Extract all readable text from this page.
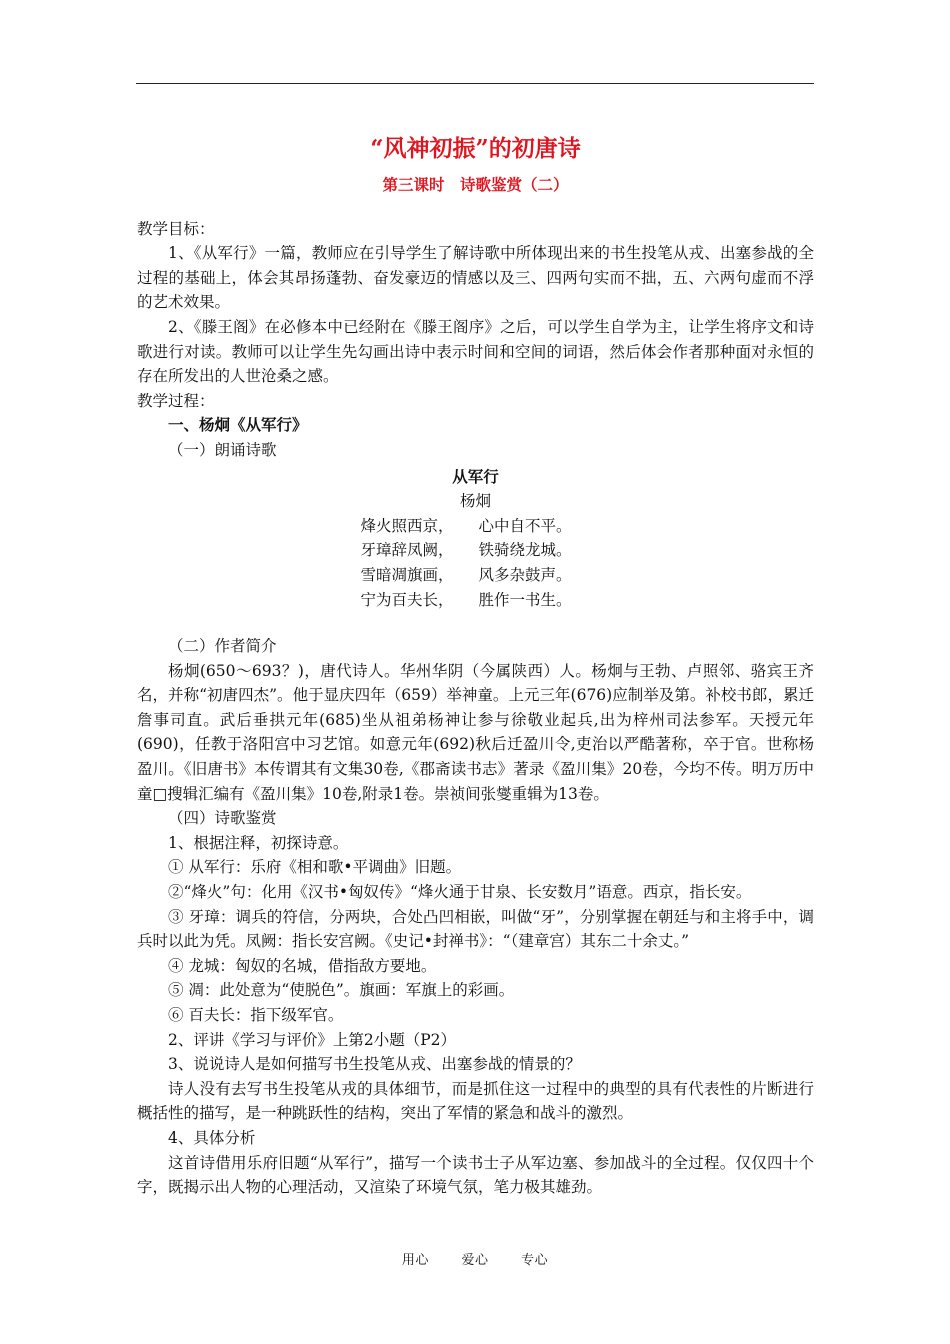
“风神初振”的初唐诗
第三课时　诗歌鉴赏（二）

教学目标：

1、《从军行》一篇，教师应在引导学生了解诗歌中所体现出来的书生投笔从戎、出塞参战的全过程的基础上，体会其昂扬蓬勃、奋发豪迈的情感以及三、四两句实而不拙，五、六两句虚而不浮的艺术效果。

2、《滕王阁》在必修本中已经附在《滕王阁序》之后，可以学生自学为主，让学生将序文和诗歌进行对读。教师可以让学生先勾画出诗中表示时间和空间的词语，然后体会作者那种面对永恒的存在所发出的人世沧桑之感。

教学过程：

一、杨炯《从军行》

（一）朗诵诗歌

从军行
杨炯
烽火照西京，	心中自不平。
牙璋辞凤阙，	铁骑绕龙城。
雪暗凋旗画，	风多杂鼓声。
宁为百夫长，	胜作一书生。

（二）作者简介

杨炯(650～693？)，唐代诗人。华州华阴（今属陕西）人。杨炯与王勃、卢照邻、骆宾王齐名，并称“初唐四杰”。他于显庆四年（659）举神童。上元三年(676)应制举及第。补校书郎，累迁詹事司直。武后垂拱元年(685)坐从祖弟杨神让参与徐敬业起兵,出为梓州司法参军。天授元年(690)，任教于洛阳宫中习艺馆。如意元年(692)秋后迁盈川令,吏治以严酷著称，卒于官。世称杨盈川。《旧唐书》本传谓其有文集30卷,《郡斋读书志》著录《盈川集》20卷，今均不传。明万历中童□搜辑汇编有《盈川集》10卷,附录1卷。崇祯间张燮重辑为13卷。

（四）诗歌鉴赏

1、根据注释，初探诗意。

① 从军行：乐府《相和歌•平调曲》旧题。

②“烽火”句：化用《汉书•匈奴传》“烽火通于甘泉、长安数月”语意。西京，指长安。

③ 牙璋：调兵的符信，分两块，合处凸凹相嵌，叫做“牙”，分别掌握在朝廷与和主将手中，调兵时以此为凭。凤阙：指长安宫阙。《史记•封禅书》：“（建章宫）其东二十余丈。”

④ 龙城：匈奴的名城，借指敌方要地。

⑤ 凋：此处意为“使脱色”。旗画：军旗上的彩画。

⑥ 百夫长：指下级军官。

2、评讲《学习与评价》上第2小题（P2）

3、说说诗人是如何描写书生投笔从戎、出塞参战的情景的？

诗人没有去写书生投笔从戎的具体细节，而是抓住这一过程中的典型的具有代表性的片断进行概括性的描写，是一种跳跃性的结构，突出了军情的紧急和战斗的激烈。

4、具体分析

这首诗借用乐府旧题“从军行”，描写一个读书士子从军边塞、参加战斗的全过程。仅仅四十个字，既揭示出人物的心理活动，又渲染了环境气氛，笔力极其雄劲。

用心	爱心	专心
